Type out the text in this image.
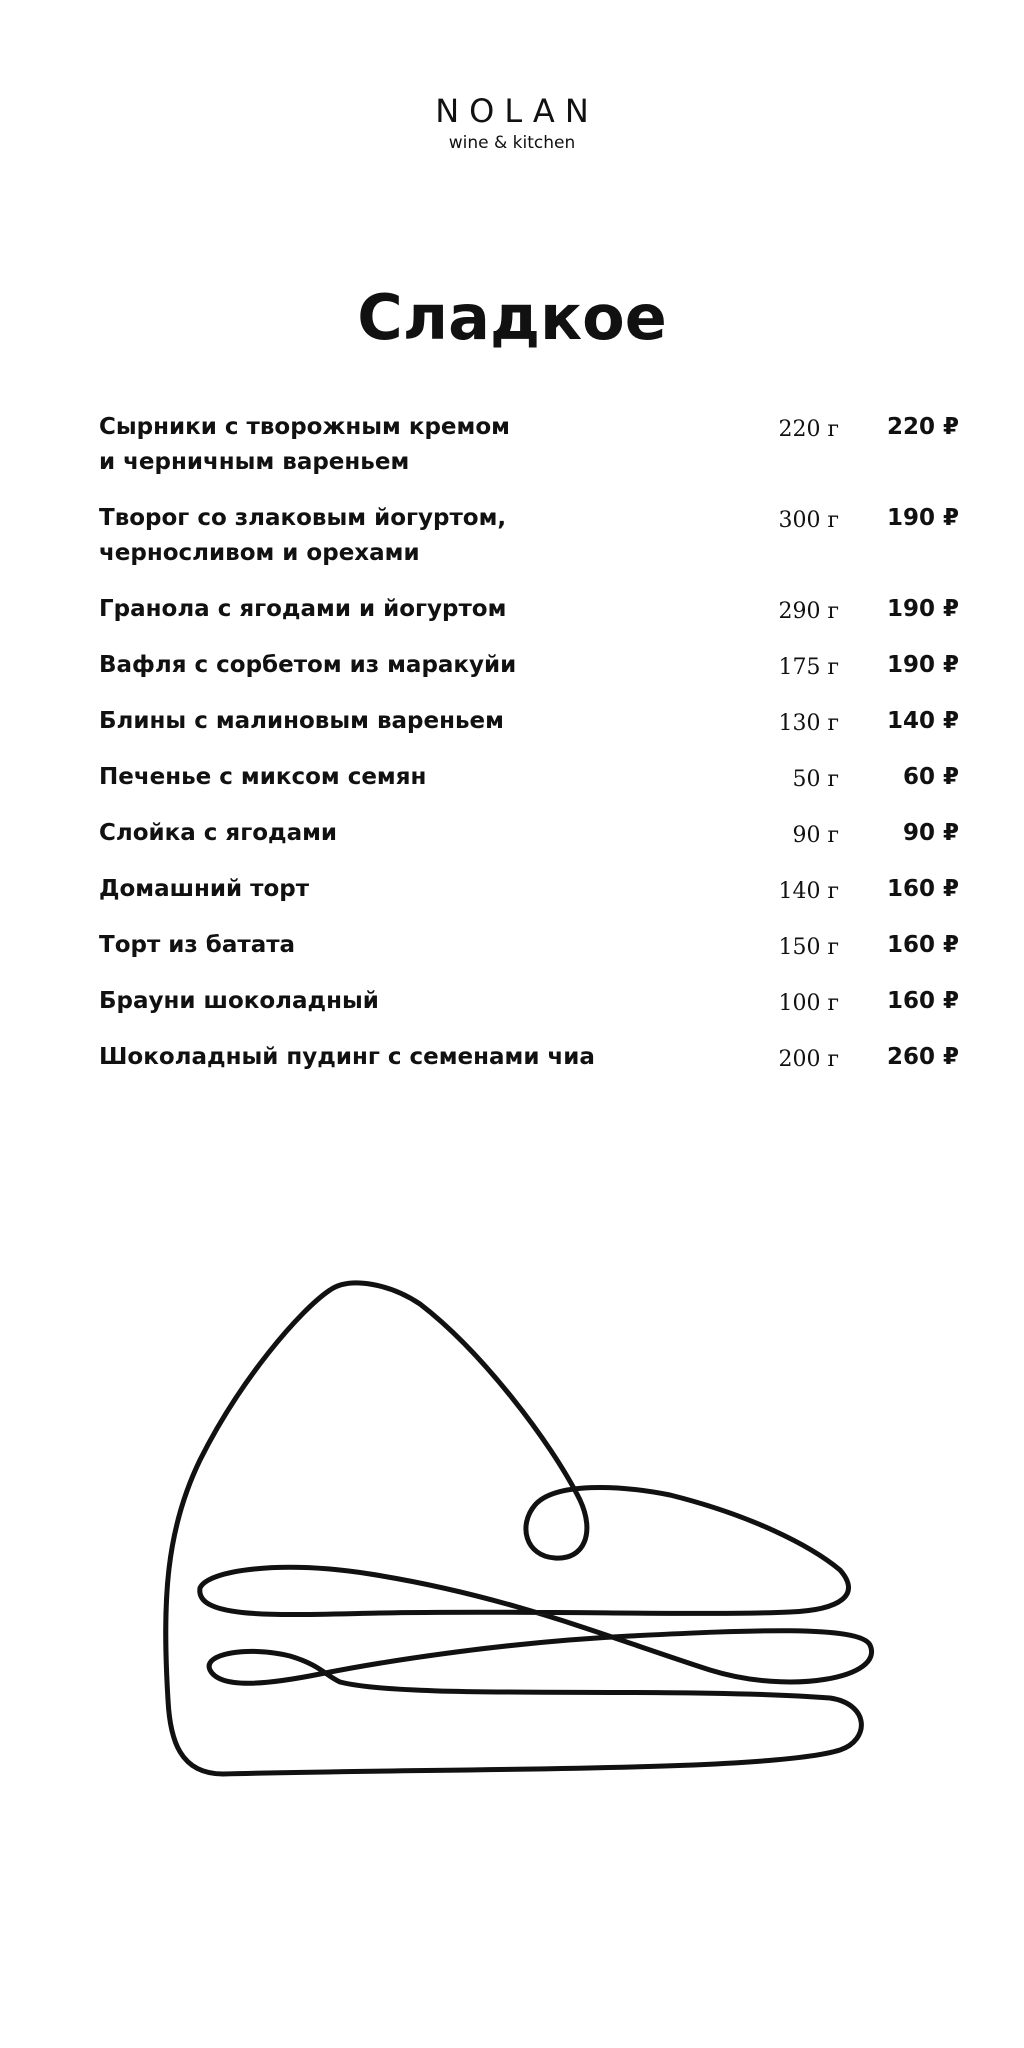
NOLAN
wine & kitchen
Сладкое
Сырники с творожным кремом
и черничным вареньем
220 г 220 ₽
Творог со злаковым йогуртом,
черносливом и орехами
300 г 190 ₽
Гранола с ягодами и йогуртом	290 г 190 ₽
Вафля с сорбетом из маракуйи	175 г 190 ₽
Блины с малиновым вареньем	130 г 140 ₽
Печенье с миксом семян	50 г	60 ₽
Слойка с ягодами	90 г	90 ₽
Домашний торт	140 г 160 ₽
Торт из батата	150 г 160 ₽
Брауни шоколадный	100 г 160 ₽
Шоколадный пудинг с семенами чиа	200 г 260 ₽
